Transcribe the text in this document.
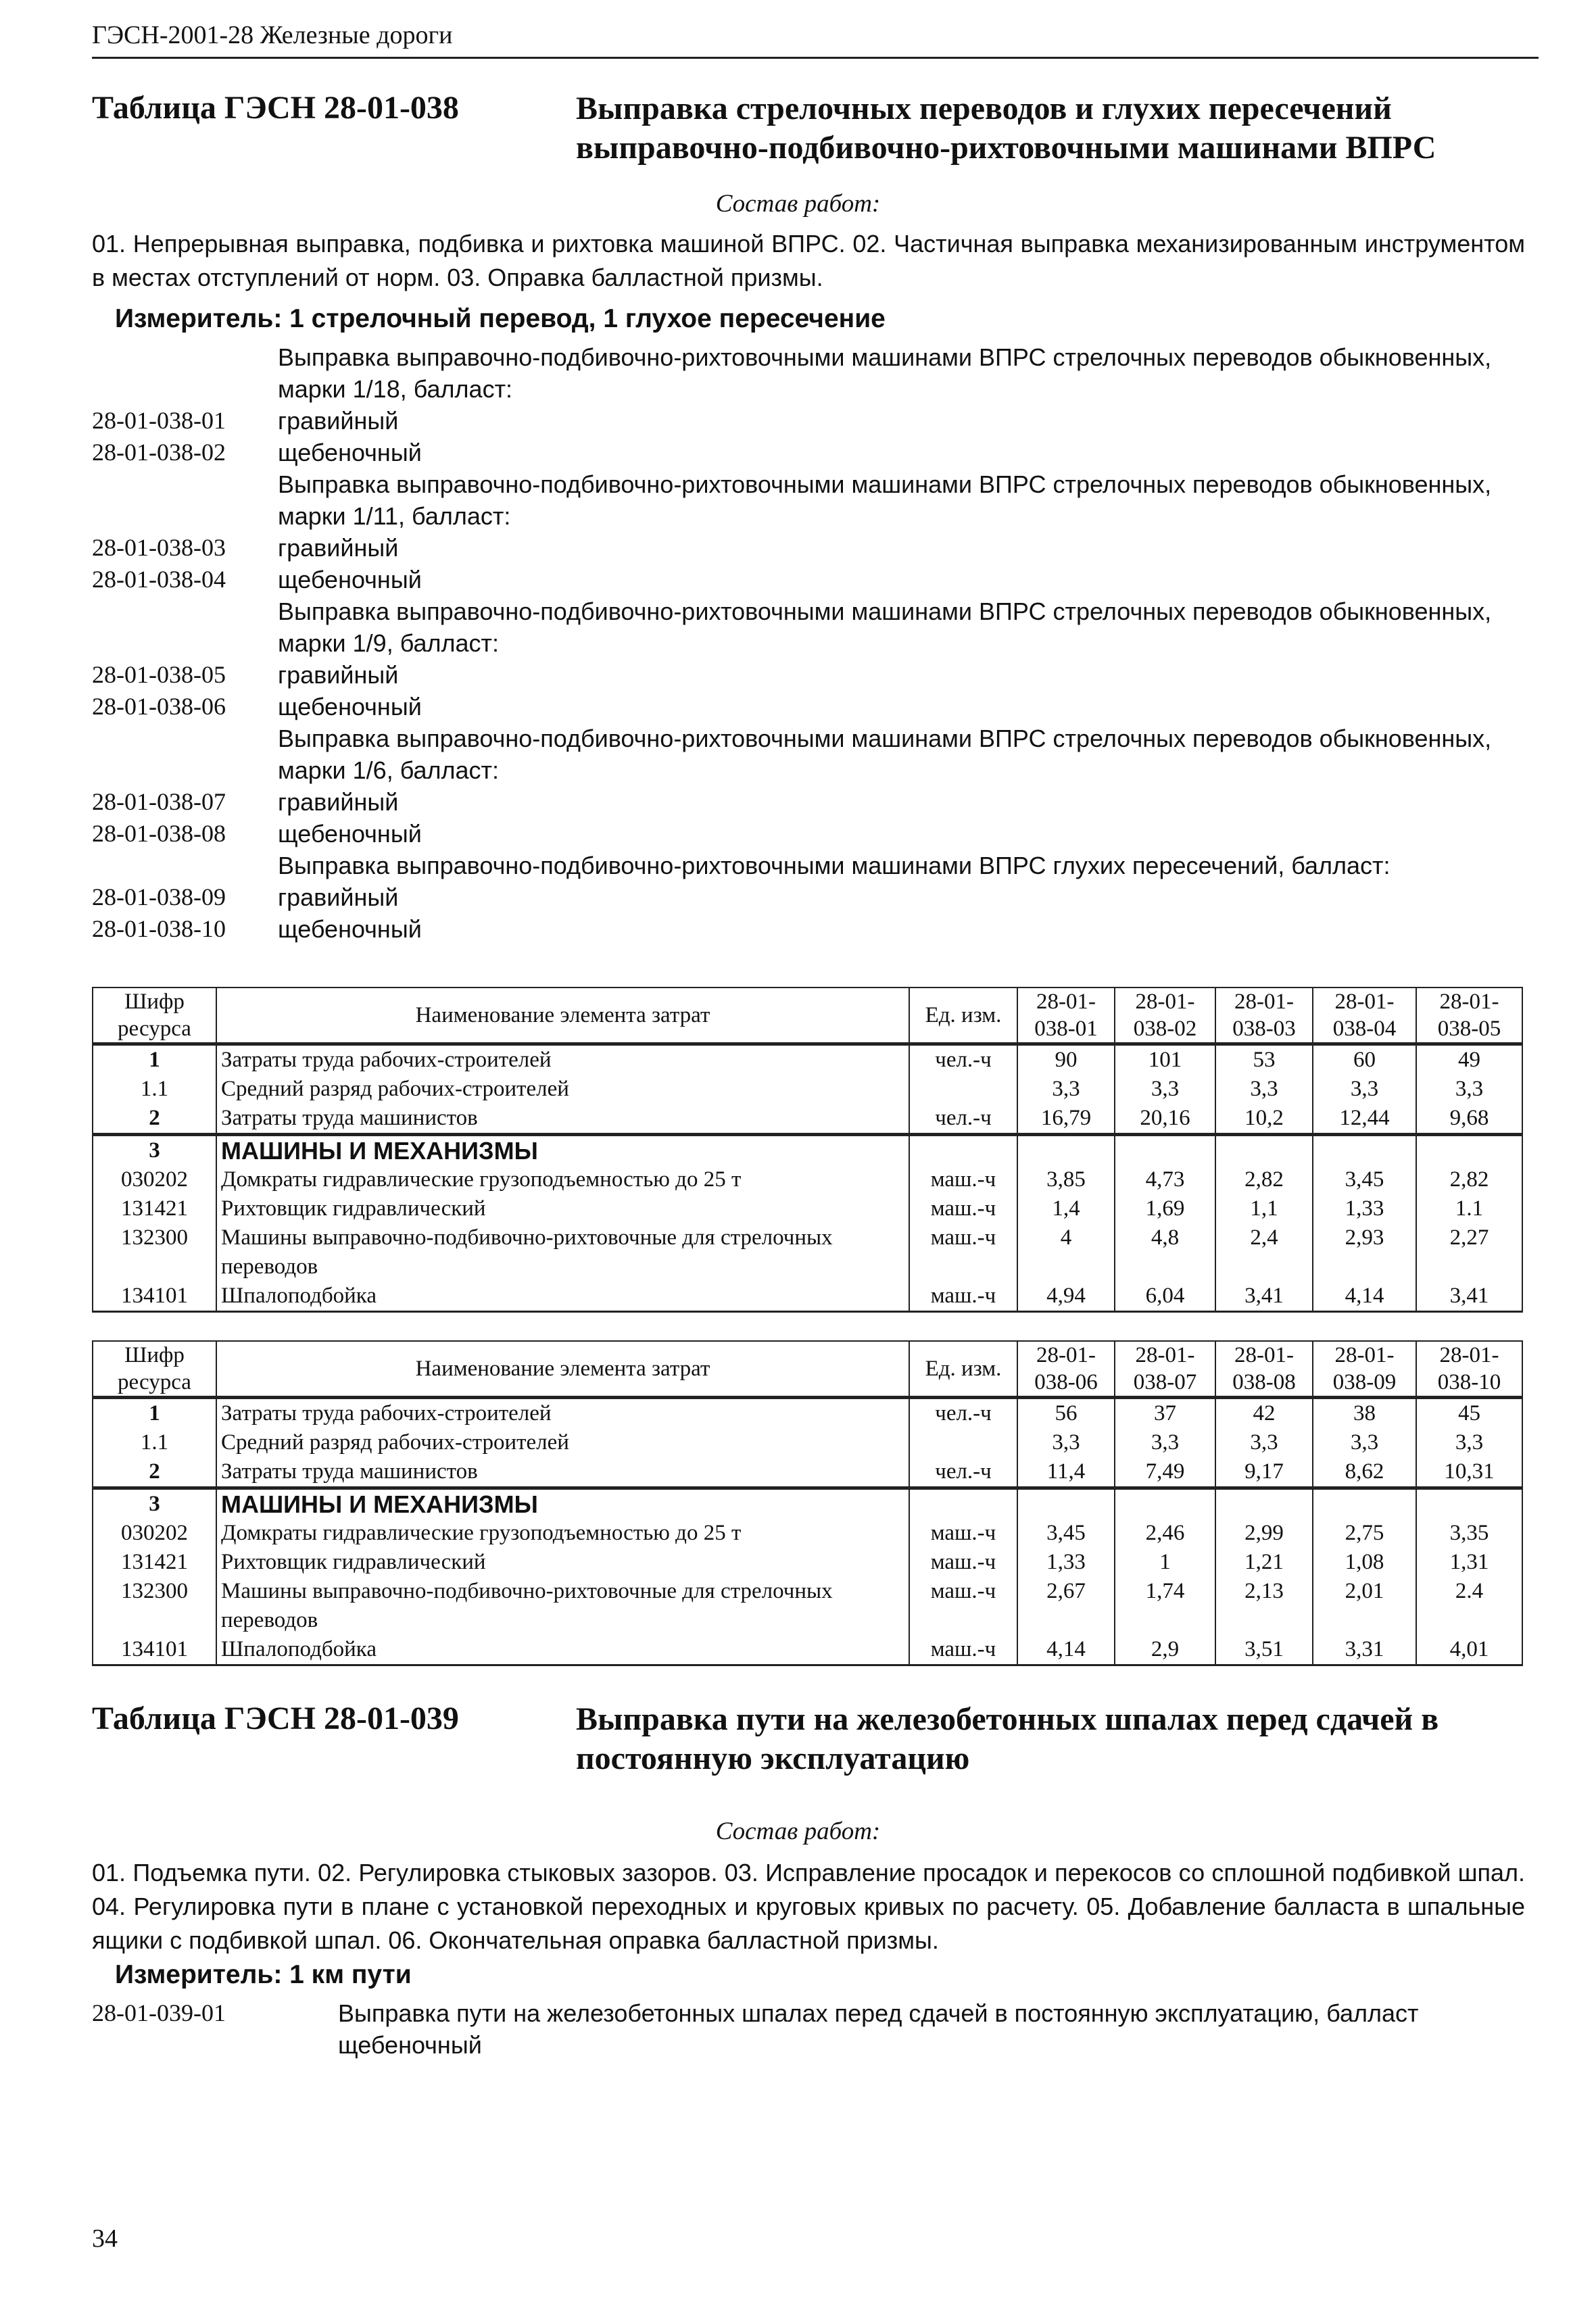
ГЭСН-2001-28 Железные дороги
Таблица ГЭСН 28-01-038	Выправка стрелочных переводов и глухих пересечений выправочно-подбивочно-рихтовочными машинами ВПРС
Состав работ:
01. Непрерывная выправка, подбивка и рихтовка машиной ВПРС. 02. Частичная выправка механизированным инструментом в местах отступлений от норм. 03. Оправка балластной призмы.
Измеритель: 1 стрелочный перевод, 1 глухое пересечение
Выправка выправочно-подбивочно-рихтовочными машинами ВПРС стрелочных переводов обыкновенных, марки 1/18, балласт:
28-01-038-01 гравийный
28-01-038-02 щебеночный
Выправка выправочно-подбивочно-рихтовочными машинами ВПРС стрелочных переводов обыкновенных, марки 1/11, балласт:
28-01-038-03 гравийный
28-01-038-04 щебеночный
Выправка выправочно-подбивочно-рихтовочными машинами ВПРС стрелочных переводов обыкновенных, марки 1/9, балласт:
28-01-038-05 гравийный
28-01-038-06 щебеночный
Выправка выправочно-подбивочно-рихтовочными машинами ВПРС стрелочных переводов обыкновенных, марки 1/6, балласт:
28-01-038-07 гравийный
28-01-038-08 щебеночный
Выправка выправочно-подбивочно-рихтовочными машинами ВПРС глухих пересечений, балласт:
28-01-038-09 гравийный
28-01-038-10 щебеночный
Шифр ресурса	Наименование элемента затрат	Ед. изм.	28-01-038-01	28-01-038-02	28-01-038-03	28-01-038-04	28-01-038-05
1	Затраты труда рабочих-строителей	чел.-ч	90	101	53	60	49
1.1	Средний разряд рабочих-строителей		3,3	3,3	3,3	3,3	3,3
2	Затраты труда машинистов	чел.-ч	16,79	20,16	10,2	12,44	9,68
3	МАШИНЫ И МЕХАНИЗМЫ						
030202	Домкраты гидравлические грузоподъемностью до 25 т	маш.-ч	3,85	4,73	2,82	3,45	2,82
131421	Рихтовщик гидравлический	маш.-ч	1,4	1,69	1,1	1,33	1.1
132300	Машины выправочно-подбивочно-рихтовочные для стрелочных переводов	маш.-ч	4	4,8	2,4	2,93	2,27
134101	Шпалоподбойка	маш.-ч	4,94	6,04	3,41	4,14	3,41
Шифр ресурса	Наименование элемента затрат	Ед. изм.	28-01-038-06	28-01-038-07	28-01-038-08	28-01-038-09	28-01-038-10
1	Затраты труда рабочих-строителей	чел.-ч	56	37	42	38	45
1.1	Средний разряд рабочих-строителей		3,3	3,3	3,3	3,3	3,3
2	Затраты труда машинистов	чел.-ч	11,4	7,49	9,17	8,62	10,31
3	МАШИНЫ И МЕХАНИЗМЫ						
030202	Домкраты гидравлические грузоподъемностью до 25 т	маш.-ч	3,45	2,46	2,99	2,75	3,35
131421	Рихтовщик гидравлический	маш.-ч	1,33	1	1,21	1,08	1,31
132300	Машины выправочно-подбивочно-рихтовочные для стрелочных переводов	маш.-ч	2,67	1,74	2,13	2,01	2.4
134101	Шпалоподбойка	маш.-ч	4,14	2,9	3,51	3,31	4,01
Таблица ГЭСН 28-01-039	Выправка пути на железобетонных шпалах перед сдачей в постоянную эксплуатацию
Состав работ:
01. Подъемка пути. 02. Регулировка стыковых зазоров. 03. Исправление просадок и перекосов со сплошной подбивкой шпал. 04. Регулировка пути в плане с установкой переходных и круговых кривых по расчету. 05. Добавление балласта в шпальные ящики с подбивкой шпал. 06. Окончательная оправка балластной призмы.
Измеритель: 1 км пути
28-01-039-01	Выправка пути на железобетонных шпалах перед сдачей в постоянную эксплуатацию, балласт щебеночный
34
